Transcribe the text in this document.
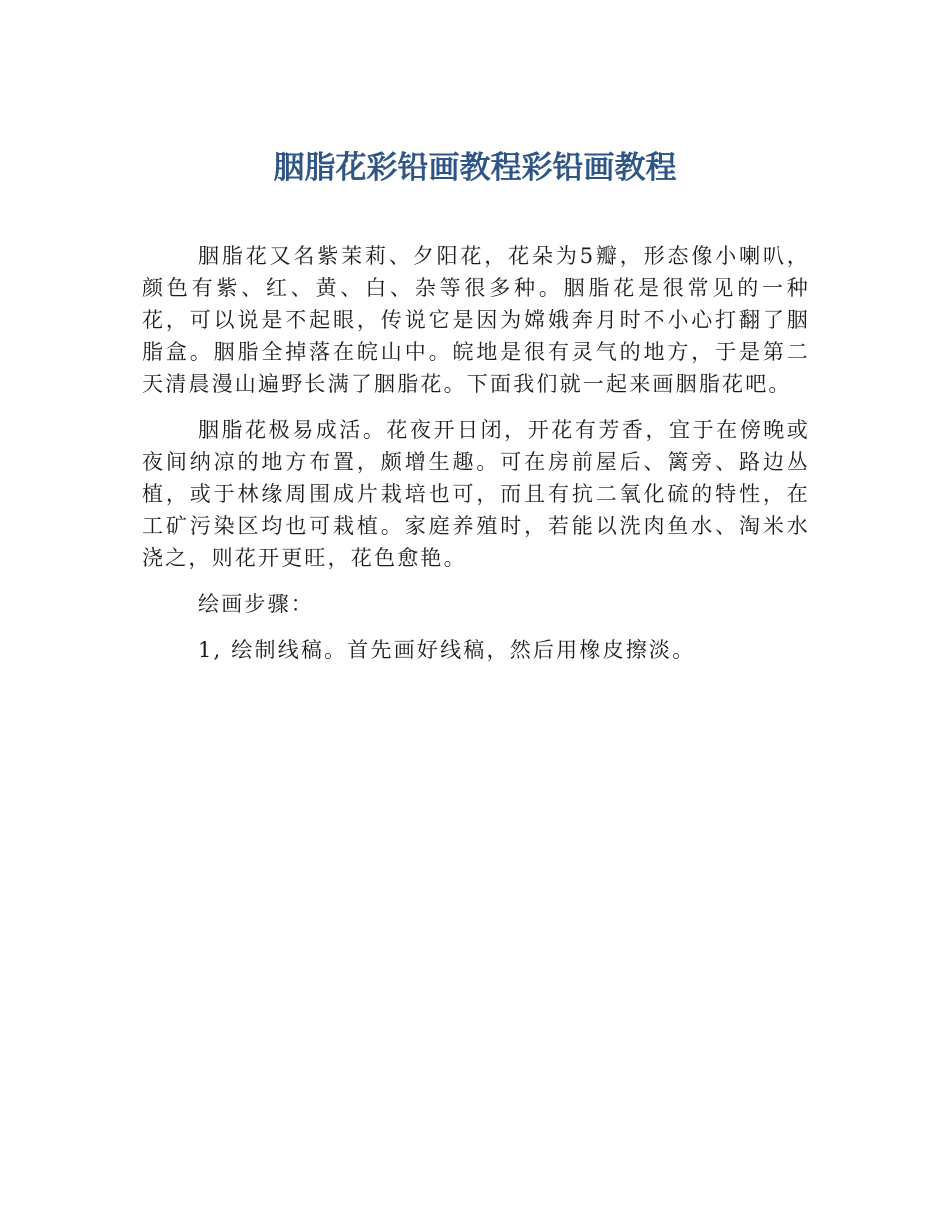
胭脂花彩铅画教程彩铅画教程

胭脂花又名紫茉莉、夕阳花，花朵为5瓣，形态像小喇叭，颜色有紫、红、黄、白、杂等很多种。胭脂花是很常见的一种花，可以说是不起眼，传说它是因为嫦娥奔月时不小心打翻了胭脂盒。胭脂全掉落在皖山中。皖地是很有灵气的地方，于是第二天清晨漫山遍野长满了胭脂花。下面我们就一起来画胭脂花吧。

胭脂花极易成活。花夜开日闭，开花有芳香，宜于在傍晚或夜间纳凉的地方布置，颇增生趣。可在房前屋后、篱旁、路边丛植，或于林缘周围成片栽培也可，而且有抗二氧化硫的特性，在工矿污染区均也可栽植。家庭养殖时，若能以洗肉鱼水、淘米水浇之，则花开更旺，花色愈艳。

绘画步骤：

1, 绘制线稿。首先画好线稿，然后用橡皮擦淡。
